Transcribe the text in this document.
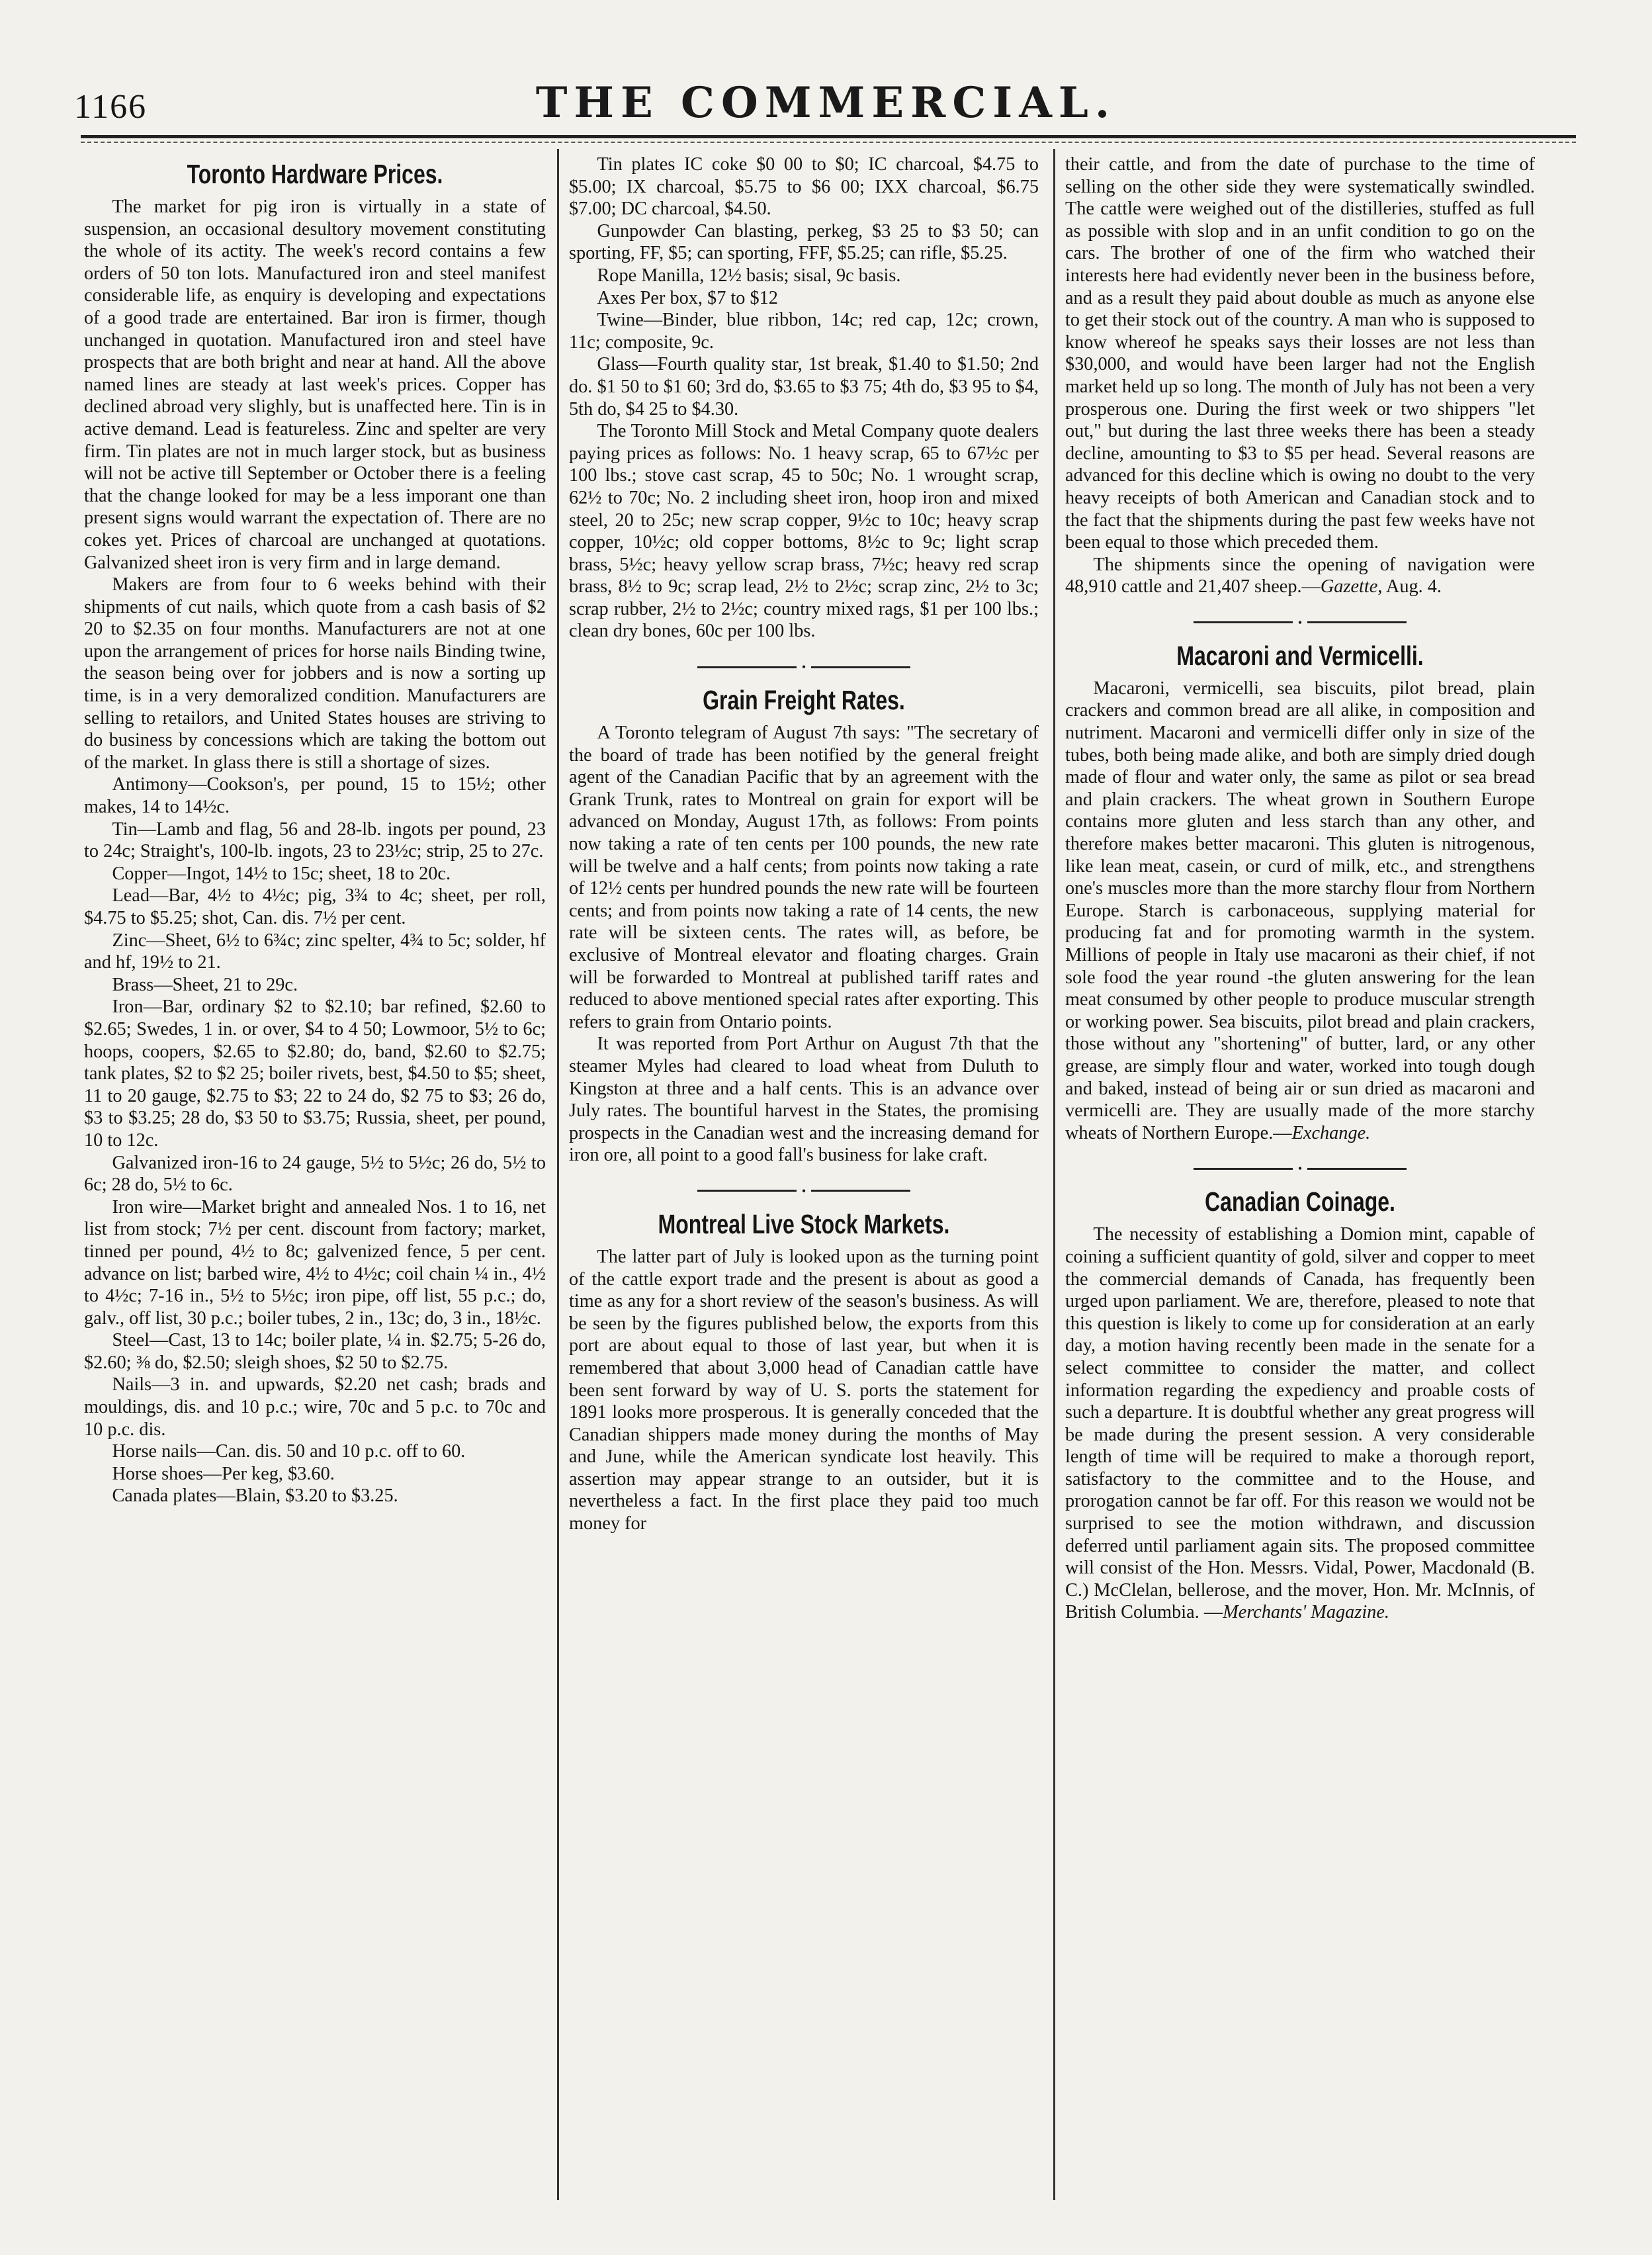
1166	THE COMMERCIAL.
Toronto Hardware Prices.

The market for pig iron is virtually in a state of suspension, an occasional desultory movement constituting the whole of its actity. The week's record contains a few orders of 50 ton lots. Manufactured iron and steel manifest considerable life, as enquiry is developing and expectations of a good trade are entertained. Bar iron is firmer, though unchanged in quotation. Manufactured iron and steel have prospects that are both bright and near at hand. All the above named lines are steady at last week's prices. Copper has declined abroad very slighly, but is unaffected here. Tin is in active demand. Lead is featureless. Zinc and spelter are very firm. Tin plates are not in much larger stock, but as business will not be active till September or October there is a feeling that the change looked for may be a less imporant one than present signs would warrant the expectation of. There are no cokes yet. Prices of charcoal are unchanged at quotations. Galvanized sheet iron is very firm and in large demand.

Makers are from four to 6 weeks behind with their shipments of cut nails, which quote from a cash basis of $2 20 to $2.35 on four months. Manufacturers are not at one upon the arrangement of prices for horse nails Binding twine, the season being over for jobbers and is now a sorting up time, is in a very demoralized condition. Manufacturers are selling to retailors, and United States houses are striving to do business by concessions which are taking the bottom out of the market. In glass there is still a shortage of sizes.

Antimony—Cookson's, per pound, 15 to 15½; other makes, 14 to 14½c.

Tin—Lamb and flag, 56 and 28-lb. ingots per pound, 23 to 24c; Straight's, 100-lb. ingots, 23 to 23½c; strip, 25 to 27c.

Copper—Ingot, 14½ to 15c; sheet, 18 to 20c.

Lead—Bar, 4½ to 4½c; pig, 3¾ to 4c; sheet, per roll, $4.75 to $5.25; shot, Can. dis. 7½ per cent.

Zinc—Sheet, 6½ to 6¾c; zinc spelter, 4¾ to 5c; solder, hf and hf, 19½ to 21.

Brass—Sheet, 21 to 29c.

Iron—Bar, ordinary $2 to $2.10; bar refined, $2.60 to $2.65; Swedes, 1 in. or over, $4 to 4 50; Lowmoor, 5½ to 6c; hoops, coopers, $2.65 to $2.80; do, band, $2.60 to $2.75; tank plates, $2 to $2 25; boiler rivets, best, $4.50 to $5; sheet, 11 to 20 gauge, $2.75 to $3; 22 to 24 do, $2 75 to $3; 26 do, $3 to $3.25; 28 do, $3 50 to $3.75; Russia, sheet, per pound, 10 to 12c.

Galvanized iron-16 to 24 gauge, 5½ to 5½c; 26 do, 5½ to 6c; 28 do, 5½ to 6c.

Iron wire—Market bright and annealed Nos. 1 to 16, net list from stock; 7½ per cent. discount from factory; market, tinned per pound, 4½ to 8c; galvenized fence, 5 per cent. advance on list; barbed wire, 4½ to 4½c; coil chain ¼ in., 4½ to 4½c; 7-16 in., 5½ to 5½c; iron pipe, off list, 55 p.c.; do, galv., off list, 30 p.c.; boiler tubes, 2 in., 13c; do, 3 in., 18½c.

Steel—Cast, 13 to 14c; boiler plate, ¼ in. $2.75; 5-26 do, $2.60; ⅜ do, $2.50; sleigh shoes, $2 50 to $2.75.

Nails—3 in. and upwards, $2.20 net cash; brads and mouldings, dis. and 10 p.c.; wire, 70c and 5 p.c. to 70c and 10 p.c. dis.

Horse nails—Can. dis. 50 and 10 p.c. off to 60.

Horse shoes—Per keg, $3.60.

Canada plates—Blain, $3.20 to $3.25.

Tin plates IC coke $0 00 to $0; IC charcoal, $4.75 to $5.00; IX charcoal, $5.75 to $6 00; IXX charcoal, $6.75 $7.00; DC charcoal, $4.50.

Gunpowder Can blasting, perkeg, $3 25 to $3 50; can sporting, FF, $5; can sporting, FFF, $5.25; can rifle, $5.25.

Rope Manilla, 12½ basis; sisal, 9c basis.

Axes Per box, $7 to $12

Twine—Binder, blue ribbon, 14c; red cap, 12c; crown, 11c; composite, 9c.

Glass—Fourth quality star, 1st break, $1.40 to $1.50; 2nd do. $1 50 to $1 60; 3rd do, $3.65 to $3 75; 4th do, $3 95 to $4, 5th do, $4 25 to $4.30.

The Toronto Mill Stock and Metal Company quote dealers paying prices as follows: No. 1 heavy scrap, 65 to 67½c per 100 lbs.; stove cast scrap, 45 to 50c; No. 1 wrought scrap, 62½ to 70c; No. 2 including sheet iron, hoop iron and mixed steel, 20 to 25c; new scrap copper, 9½c to 10c; heavy scrap copper, 10½c; old copper bottoms, 8½c to 9c; light scrap brass, 5½c; heavy yellow scrap brass, 7½c; heavy red scrap brass, 8½ to 9c; scrap lead, 2½ to 2½c; scrap zinc, 2½ to 3c; scrap rubber, 2½ to 2½c; country mixed rags, $1 per 100 lbs.; clean dry bones, 60c per 100 lbs.

•
Grain Freight Rates.

A Toronto telegram of August 7th says: "The secretary of the board of trade has been notified by the general freight agent of the Canadian Pacific that by an agreement with the Grank Trunk, rates to Montreal on grain for export will be advanced on Monday, August 17th, as follows: From points now taking a rate of ten cents per 100 pounds, the new rate will be twelve and a half cents; from points now taking a rate of 12½ cents per hundred pounds the new rate will be fourteen cents; and from points now taking a rate of 14 cents, the new rate will be sixteen cents. The rates will, as before, be exclusive of Montreal elevator and floating charges. Grain will be forwarded to Montreal at published tariff rates and reduced to above mentioned special rates after exporting. This refers to grain from Ontario points.

It was reported from Port Arthur on August 7th that the steamer Myles had cleared to load wheat from Duluth to Kingston at three and a half cents. This is an advance over July rates. The bountiful harvest in the States, the promising prospects in the Canadian west and the increasing demand for iron ore, all point to a good fall's business for lake craft.

•
Montreal Live Stock Markets.

The latter part of July is looked upon as the turning point of the cattle export trade and the present is about as good a time as any for a short review of the season's business. As will be seen by the figures published below, the exports from this port are about equal to those of last year, but when it is remembered that about 3,000 head of Canadian cattle have been sent forward by way of U. S. ports the statement for 1891 looks more prosperous. It is generally conceded that the Canadian shippers made money during the months of May and June, while the American syndicate lost heavily. This assertion may appear strange to an outsider, but it is nevertheless a fact. In the first place they paid too much money for

their cattle, and from the date of purchase to the time of selling on the other side they were systematically swindled. The cattle were weighed out of the distilleries, stuffed as full as possible with slop and in an unfit condition to go on the cars. The brother of one of the firm who watched their interests here had evidently never been in the business before, and as a result they paid about double as much as anyone else to get their stock out of the country. A man who is supposed to know whereof he speaks says their losses are not less than $30,000, and would have been larger had not the English market held up so long. The month of July has not been a very prosperous one. During the first week or two shippers "let out," but during the last three weeks there has been a steady decline, amounting to $3 to $5 per head. Several reasons are advanced for this decline which is owing no doubt to the very heavy receipts of both American and Canadian stock and to the fact that the shipments during the past few weeks have not been equal to those which preceded them.

The shipments since the opening of navigation were 48,910 cattle and 21,407 sheep.—Gazette, Aug. 4.

•
Macaroni and Vermicelli.

Macaroni, vermicelli, sea biscuits, pilot bread, plain crackers and common bread are all alike, in composition and nutriment. Macaroni and vermicelli differ only in size of the tubes, both being made alike, and both are simply dried dough made of flour and water only, the same as pilot or sea bread and plain crackers. The wheat grown in Southern Europe contains more gluten and less starch than any other, and therefore makes better macaroni. This gluten is nitrogenous, like lean meat, casein, or curd of milk, etc., and strengthens one's muscles more than the more starchy flour from Northern Europe. Starch is carbonaceous, supplying material for producing fat and for promoting warmth in the system. Millions of people in Italy use macaroni as their chief, if not sole food the year round -the gluten answering for the lean meat consumed by other people to produce muscular strength or working power. Sea biscuits, pilot bread and plain crackers, those without any "shortening" of butter, lard, or any other grease, are simply flour and water, worked into tough dough and baked, instead of being air or sun dried as macaroni and vermicelli are. They are usually made of the more starchy wheats of Northern Europe.—Exchange.

•
Canadian Coinage.

The necessity of establishing a Domion mint, capable of coining a sufficient quantity of gold, silver and copper to meet the commercial demands of Canada, has frequently been urged upon parliament. We are, therefore, pleased to note that this question is likely to come up for consideration at an early day, a motion having recently been made in the senate for a select committee to consider the matter, and collect information regarding the expediency and proable costs of such a departure. It is doubtful whether any great progress will be made during the present session. A very considerable length of time will be required to make a thorough report, satisfactory to the committee and to the House, and prorogation cannot be far off. For this reason we would not be surprised to see the motion withdrawn, and discussion deferred until parliament again sits. The proposed committee will consist of the Hon. Messrs. Vidal, Power, Macdonald (B. C.) McClelan, bellerose, and the mover, Hon. Mr. McInnis, of British Columbia. —Merchants' Magazine.
